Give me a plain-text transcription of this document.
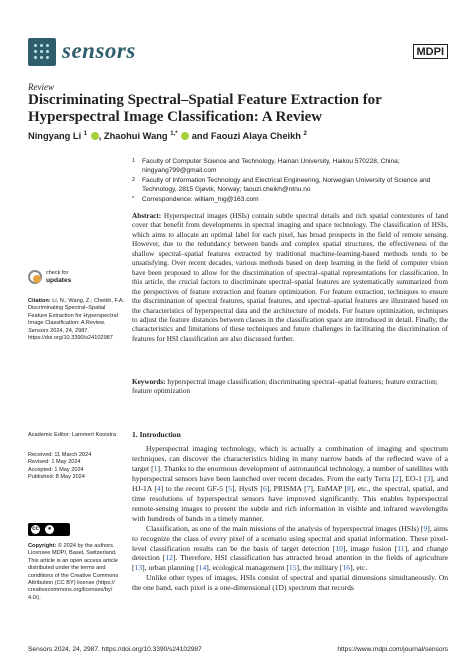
sensors	MDPI
Review
Discriminating Spectral–Spatial Feature Extraction for Hyperspectral Image Classification: A Review
Ningyang Li $^1$ , Zhaohui Wang $^{1,*}$ and Faouzi Alaya Cheikh $^2$
1 Faculty of Computer Science and Technology, Hainan University, Haikou 570228, China; ningyang799@gmail.com
2 Faculty of Information Technology and Electrical Engineering, Norwegian University of Science and Technology, 2815 Gjøvik, Norway; faouzi.cheikh@ntnu.no
* Correspondence: william_hig@163.com
Abstract: Hyperspectral images (HSIs) contain subtle spectral details and rich spatial contextures of land cover that benefit from developments in spectral imaging and space technology. The classification of HSIs, which aims to allocate an optimal label for each pixel, has broad prospects in the field of remote sensing. However, due to the redundancy between bands and complex spatial structures, the effectiveness of the shallow spectral–spatial features extracted by traditional machine-learning-based methods tends to be unsatisfying. Over recent decades, various methods based on deep learning in the field of computer vision have been proposed to allow for the discrimination of spectral–spatial representations for classification. In this article, the crucial factors to discriminate spectral–spatial features are systematically summarized from the perspectives of feature extraction and feature optimization. For feature extraction, techniques to ensure the discrimination of spectral features, spatial features, and spectral–spatial features are illustrated based on the characteristics of hyperspectral data and the architecture of models. For feature optimization, techniques to adjust the feature distances between classes in the classification space are introduced in detail. Finally, the characteristics and limitations of these techniques and future challenges in facilitating the discrimination of features for HSI classification are also discussed further.
Keywords: hyperspectral image classification; discriminating spectral–spatial features; feature extraction; feature optimization
check for
updates
Citation: Li, N.; Wang, Z.; Cheikh, F.A. Discriminating Spectral–Spatial Feature Extraction for Hyperspectral Image Classification: A Review. Sensors 2024, 24, 2987. https://doi.org/10.3390/s24102987
Academic Editor: Lammert Kooistra
Received: 11 March 2024
Revised: 1 May 2024
Accepted: 1 May 2024
Published: 8 May 2024
cc	●
Copyright: © 2024 by the authors. Licensee MDPI, Basel, Switzerland. This article is an open access article distributed under the terms and conditions of the Creative Commons Attribution (CC BY) license (https:// creativecommons.org/licenses/by/ 4.0/).
1. Introduction

Hyperspectral imaging technology, which is actually a combination of imaging and spectrum techniques, can discover the characteristics hiding in many narrow bands of the reflected wave of a target [1]. Thanks to the enormous development of astronautical technology, a number of satellites with hyperspectral sensors have been launched over recent decades. From the early Terra [2], EO-1 [3], and HJ-1A [4] to the recent GF-5 [5], HysIS [6], PRISMA [7], EnMAP [8], etc., the spectral, spatial, and time resolutions of hyperspectral sensors have improved significantly. This enables hyperspectral remote-sensing images to present the subtle and rich information in visible and infrared wavelengths with hundreds of bands in a timely manner.

Classification, as one of the main missions of the analysis of hyperspectral images (HSIs) [9], aims to recognize the class of every pixel of a scenario using spectral and spatial information. These pixel-level classification results can be the basis of target detection [10], image fusion [11], and change detection [12]. Therefore, HSI classification has attracted broad attention in the fields of agriculture [13], urban planning [14], ecological management [15], the military [16], etc.

Unlike other types of images, HSIs consist of spectral and spatial dimensions simultaneously. On the one hand, each pixel is a one-dimensional (1D) spectrum that records

Sensors 2024, 24, 2987. https://doi.org/10.3390/s24102987	https://www.mdpi.com/journal/sensors
